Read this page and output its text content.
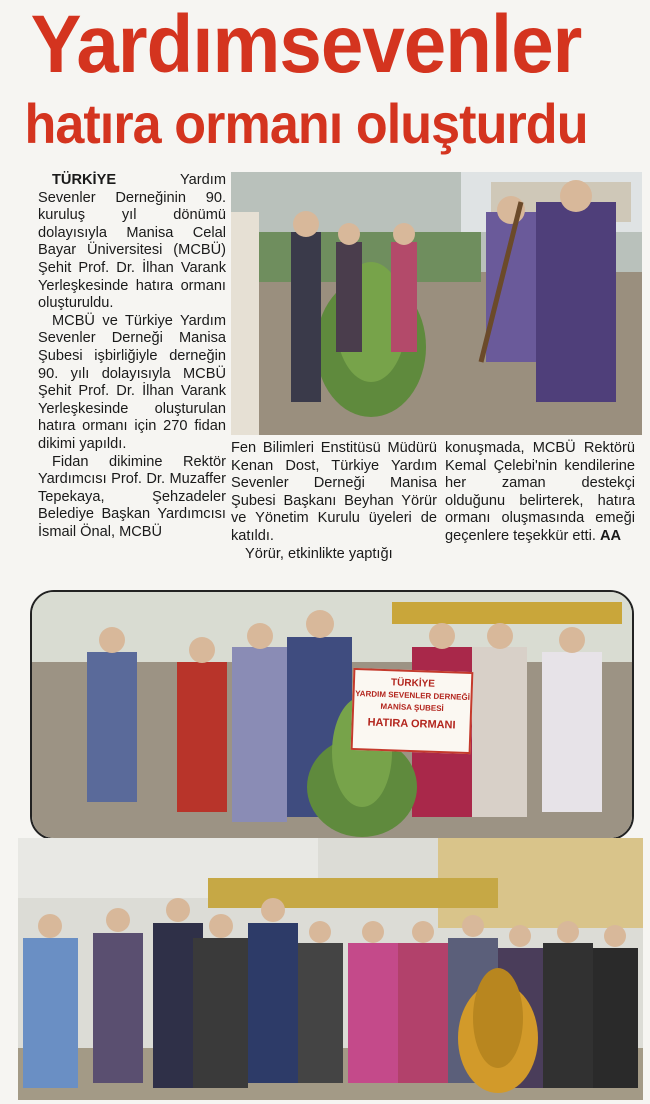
Yardımsevenler
hatıra ormanı oluşturdu

TÜRKİYE	Yardım Sevenler Derneğinin 90. kuruluş yıl dönümü dolayısıyla Manisa Celal Bayar Üniversitesi (MCBÜ) Şehit Prof. Dr. İlhan Varank Yerleşkesinde hatıra ormanı oluşturuldu.

MCBÜ ve Türkiye Yardım Sevenler Derneği Manisa Şubesi işbirliğiyle derneğin 90. yılı dolayısıyla MCBÜ Şehit Prof. Dr. İlhan Varank Yerleşkesinde oluşturulan hatıra ormanı için 270 fidan dikimi yapıldı.

Fidan dikimine Rektör Yardımcısı Prof. Dr. Muzaffer Tepekaya, Şehzadeler Belediye Başkan Yardımcısı İsmail Önal, MCBÜ

Fen Bilimleri Enstitüsü Müdürü Kenan Dost, Türkiye Yardım Sevenler Derneği Manisa Şubesi Başkanı Beyhan Yörür ve Yönetim Kurulu üyeleri de katıldı.

Yörür, etkinlikte yaptığı

konuşmada, MCBÜ Rektörü Kemal Çelebi'nin kendilerine her zaman destekçi olduğunu belirterek, hatıra ormanı oluşmasında emeği geçenlere teşekkür etti. AA

TÜRKİYE
YARDIM SEVENLER DERNEĞİ
MANİSA ŞUBESİ
HATIRA ORMANI
